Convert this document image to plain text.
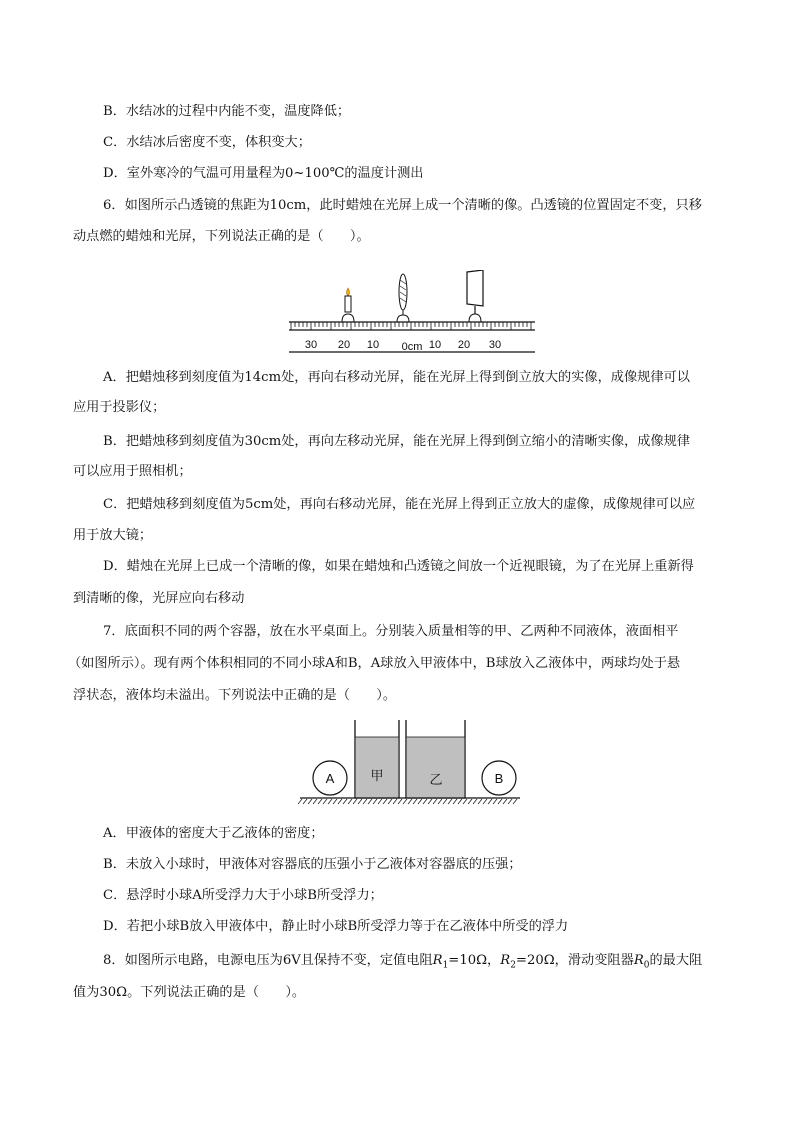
B．水结冰的过程中内能不变，温度降低；
C．水结冰后密度不变，体积变大；
D．室外寒冷的气温可用量程为0~100℃的温度计测出
6．如图所示凸透镜的焦距为10cm，此时蜡烛在光屏上成一个清晰的像。凸透镜的位置固定不变，只移
动点燃的蜡烛和光屏，下列说法正确的是（　　）。
30 20 10 0cm 10 20 30
A．把蜡烛移到刻度值为14cm处，再向右移动光屏，能在光屏上得到倒立放大的实像，成像规律可以
应用于投影仪；
B．把蜡烛移到刻度值为30cm处，再向左移动光屏，能在光屏上得到倒立缩小的清晰实像，成像规律
可以应用于照相机；
C．把蜡烛移到刻度值为5cm处，再向右移动光屏，能在光屏上得到正立放大的虚像，成像规律可以应
用于放大镜；
D．蜡烛在光屏上已成一个清晰的像，如果在蜡烛和凸透镜之间放一个近视眼镜，为了在光屏上重新得
到清晰的像，光屏应向右移动
7．底面积不同的两个容器，放在水平桌面上。分别装入质量相等的甲、乙两种不同液体，液面相平
（如图所示）。现有两个体积相同的不同小球A和B，A球放入甲液体中，B球放入乙液体中，两球均处于悬
浮状态，液体均未溢出。下列说法中正确的是（　　）。
甲	乙
A	B
A．甲液体的密度大于乙液体的密度；
B．未放入小球时，甲液体对容器底的压强小于乙液体对容器底的压强；
C．悬浮时小球A所受浮力大于小球B所受浮力；
D．若把小球B放入甲液体中，静止时小球B所受浮力等于在乙液体中所受的浮力
8．如图所示电路，电源电压为6V且保持不变，定值电阻$R_1=10\Omega$，$R_2=20\Omega$，滑动变阻器$R_0$的最大阻
值为30Ω。下列说法正确的是（　　）。
